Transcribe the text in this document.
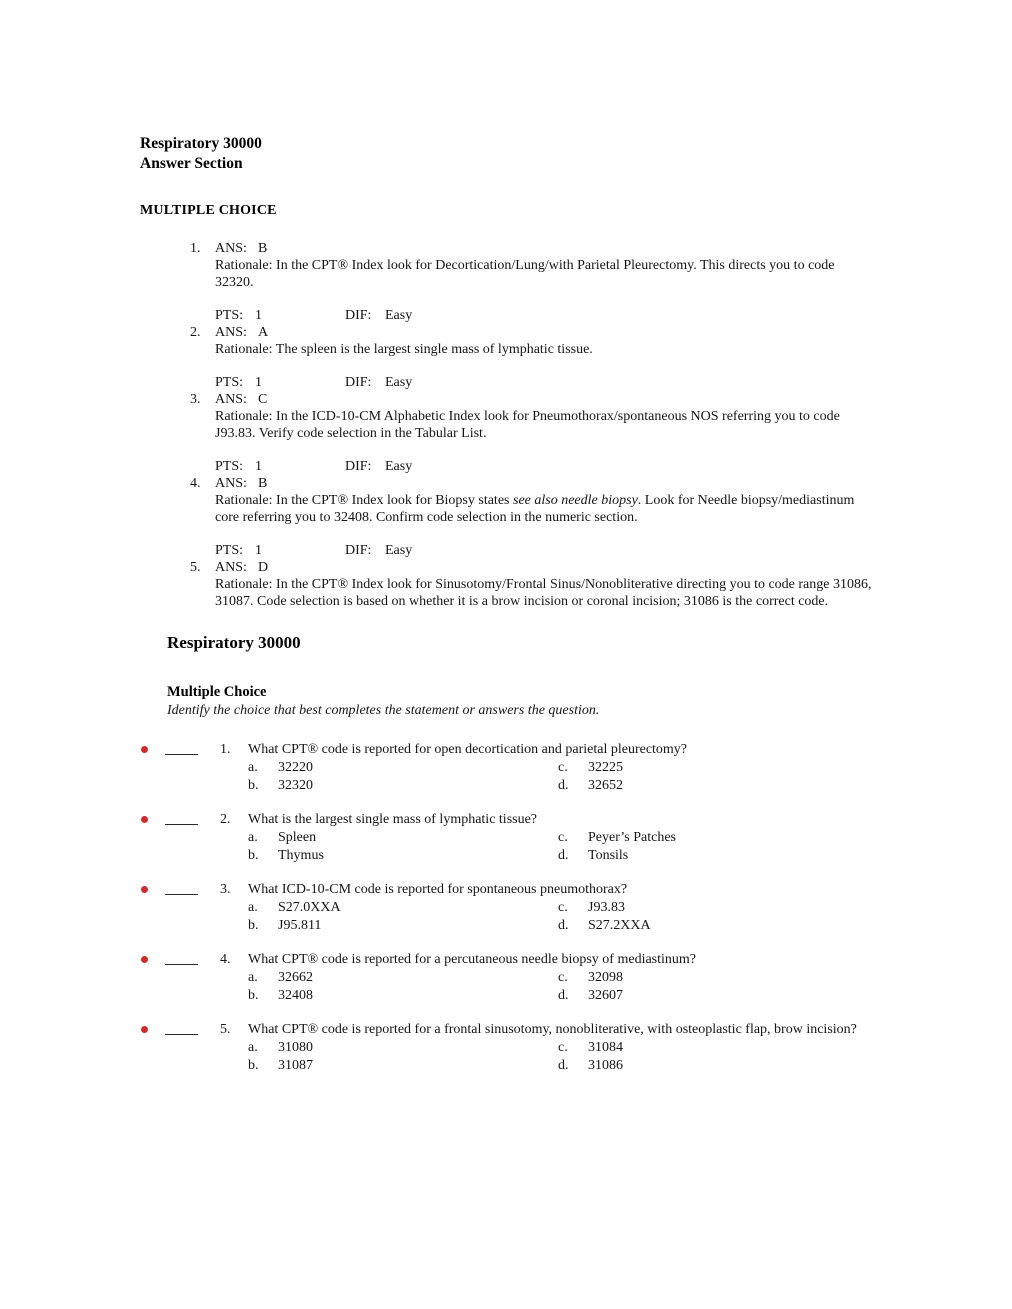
Respiratory 30000
Answer Section
MULTIPLE CHOICE
1.	ANS: B
Rationale: In the CPT® Index look for Decortication/Lung/with Parietal Pleurectomy. This directs you to code 32320.
PTS: 1	DIF: Easy
2.	ANS: A
Rationale: The spleen is the largest single mass of lymphatic tissue.
PTS: 1	DIF: Easy
3.	ANS: C
Rationale: In the ICD-10-CM Alphabetic Index look for Pneumothorax/spontaneous NOS referring you to code J93.83. Verify code selection in the Tabular List.
PTS: 1	DIF: Easy
4.	ANS: B
Rationale: In the CPT® Index look for Biopsy states see also needle biopsy. Look for Needle biopsy/mediastinum core referring you to 32408. Confirm code selection in the numeric section.
PTS: 1	DIF: Easy
5.	ANS: D
Rationale: In the CPT® Index look for Sinusotomy/Frontal Sinus/Nonobliterative directing you to code range 31086, 31087. Code selection is based on whether it is a brow incision or coronal incision; 31086 is the correct code.
Respiratory 30000
Multiple Choice
Identify the choice that best completes the statement or answers the question.
1. What CPT® code is reported for open decortication and parietal pleurectomy?
a.	32220	c.	32225
b.	32320	d.	32652
2. What is the largest single mass of lymphatic tissue?
a.	Spleen	c.	Peyer’s Patches
b.	Thymus	d.	Tonsils
3. What ICD-10-CM code is reported for spontaneous pneumothorax?
a.	S27.0XXA	c.	J93.83
b.	J95.811	d.	S27.2XXA
4. What CPT® code is reported for a percutaneous needle biopsy of mediastinum?
a.	32662	c.	32098
b.	32408	d.	32607
5. What CPT® code is reported for a frontal sinusotomy, nonobliterative, with osteoplastic flap, brow incision?
a.	31080	c.	31084
b.	31087	d.	31086
